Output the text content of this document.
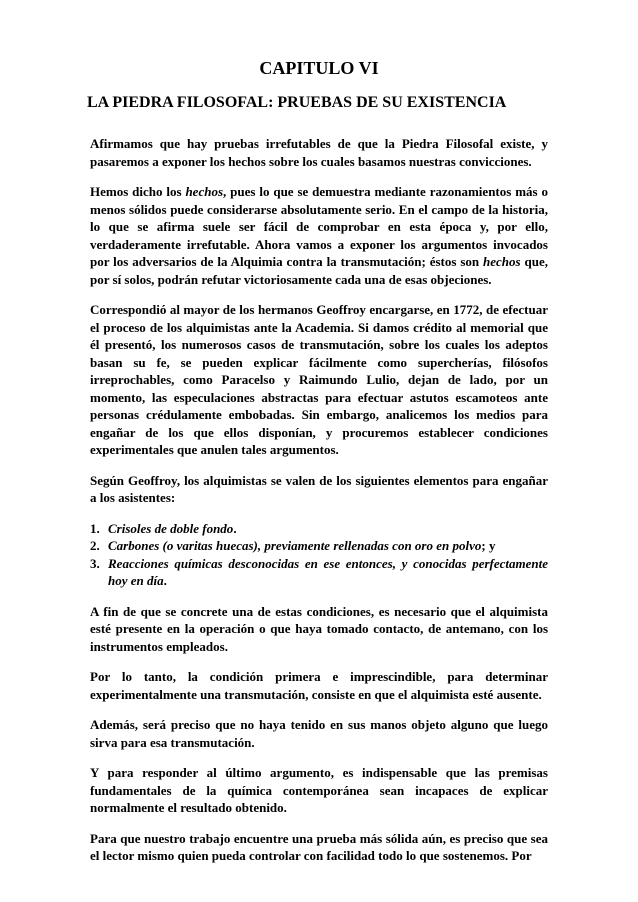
CAPITULO VI
LA PIEDRA FILOSOFAL: PRUEBAS DE SU EXISTENCIA

Afirmamos que hay pruebas irrefutables de que la Piedra Filosofal existe, y pasaremos a exponer los hechos sobre los cuales basamos nuestras convicciones.

Hemos dicho los hechos, pues lo que se demuestra mediante razonamientos más o menos sólidos puede considerarse absolutamente serio. En el campo de la historia, lo que se afirma suele ser fácil de comprobar en esta época y, por ello, verdaderamente irrefutable. Ahora vamos a exponer los argumentos invocados por los adversarios de la Alquimia contra la transmutación; éstos son hechos que, por sí solos, podrán refutar victoriosamente cada una de esas objeciones.

Correspondió al mayor de los hermanos Geoffroy encargarse, en 1772, de efectuar el proceso de los alquimistas ante la Academia. Si damos crédito al memorial que él presentó, los numerosos casos de transmutación, sobre los cuales los adeptos basan su fe, se pueden explicar fácilmente como supercherías, filósofos irreprochables, como Paracelso y Raimundo Lulio, dejan de lado, por un momento, las especulaciones abstractas para efectuar astutos escamoteos ante personas crédulamente embobadas. Sin embargo, analicemos los medios para engañar de los que ellos disponían, y procuremos establecer condiciones experimentales que anulen tales argumentos.

Según Geoffroy, los alquimistas se valen de los siguientes elementos para engañar a los asistentes:

1. Crisoles de doble fondo.
2. Carbones (o varitas huecas), previamente rellenadas con oro en polvo; y
3. Reacciones químicas desconocidas en ese entonces, y conocidas perfectamente hoy en día.

A fin de que se concrete una de estas condiciones, es necesario que el alquimista esté presente en la operación o que haya tomado contacto, de antemano, con los instrumentos empleados.

Por lo tanto, la condición primera e imprescindible, para determinar experimentalmente una transmutación, consiste en que el alquimista esté ausente.

Además, será preciso que no haya tenido en sus manos objeto alguno que luego sirva para esa transmutación.

Y para responder al último argumento, es indispensable que las premisas fundamentales de la química contemporánea sean incapaces de explicar normalmente el resultado obtenido.

Para que nuestro trabajo encuentre una prueba más sólida aún, es preciso que sea el lector mismo quien pueda controlar con facilidad todo lo que sostenemos. Por
